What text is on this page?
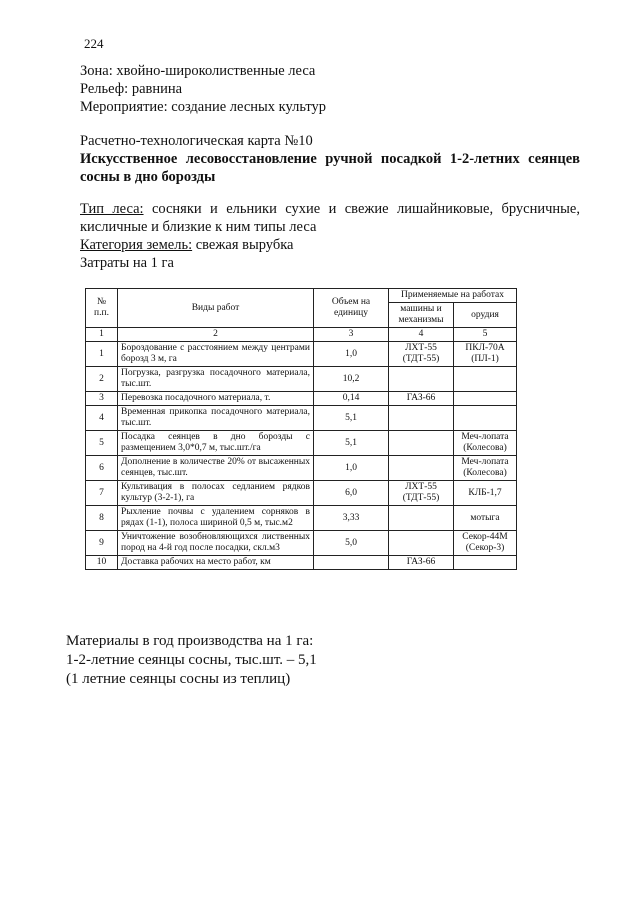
224
Зона: хвойно-широколиственные леса
Рельеф: равнина
Мероприятие: создание лесных культур
Расчетно-технологическая карта №10
Искусственное лесовосстановление ручной посадкой 1-2-летних сеянцев сосны в дно борозды
Тип леса: сосняки и ельники сухие и свежие лишайниковые, брусничные, кисличные и близкие к ним типы леса
Категория земель: свежая вырубка
Затраты на 1 га
№ п.п.	Виды работ	Объем на единицу	Применяемые на работах	
			машины и механизмы	орудия
1	2	3	4	5
1	Бороздование с расстоянием между центрами борозд 3 м, га	1,0	ЛХТ-55 (ТДТ-55)	ПКЛ-70А (ПЛ-1)
2	Погрузка, разгрузка посадочного материала, тыс.шт.	10,2		
3	Перевозка посадочного материала, т.	0,14	ГАЗ-66	
4	Временная прикопка посадочного материала, тыс.шт.	5,1		
5	Посадка сеянцев в дно борозды с размещением 3,0*0,7 м, тыс.шт./га	5,1		Меч-лопата (Колесова)
6	Дополнение в количестве 20% от высаженных сеянцев, тыс.шт.	1,0		Меч-лопата (Колесова)
7	Культивация в полосах седланием рядков культур (3-2-1), га	6,0	ЛХТ-55 (ТДТ-55)	КЛБ-1,7
8	Рыхление почвы с удалением сорняков в рядах (1-1), полоса шириной 0,5 м, тыс.м2	3,33		мотыга
9	Уничтожение возобновляющихся лиственных пород на 4-й год после посадки, скл.м3	5,0		Секор-44М (Секор-3)
10	Доставка рабочих на место работ, км		ГАЗ-66	
Материалы в год производства на 1 га:
1-2-летние сеянцы сосны, тыс.шт. – 5,1
(1 летние сеянцы сосны из теплиц)
